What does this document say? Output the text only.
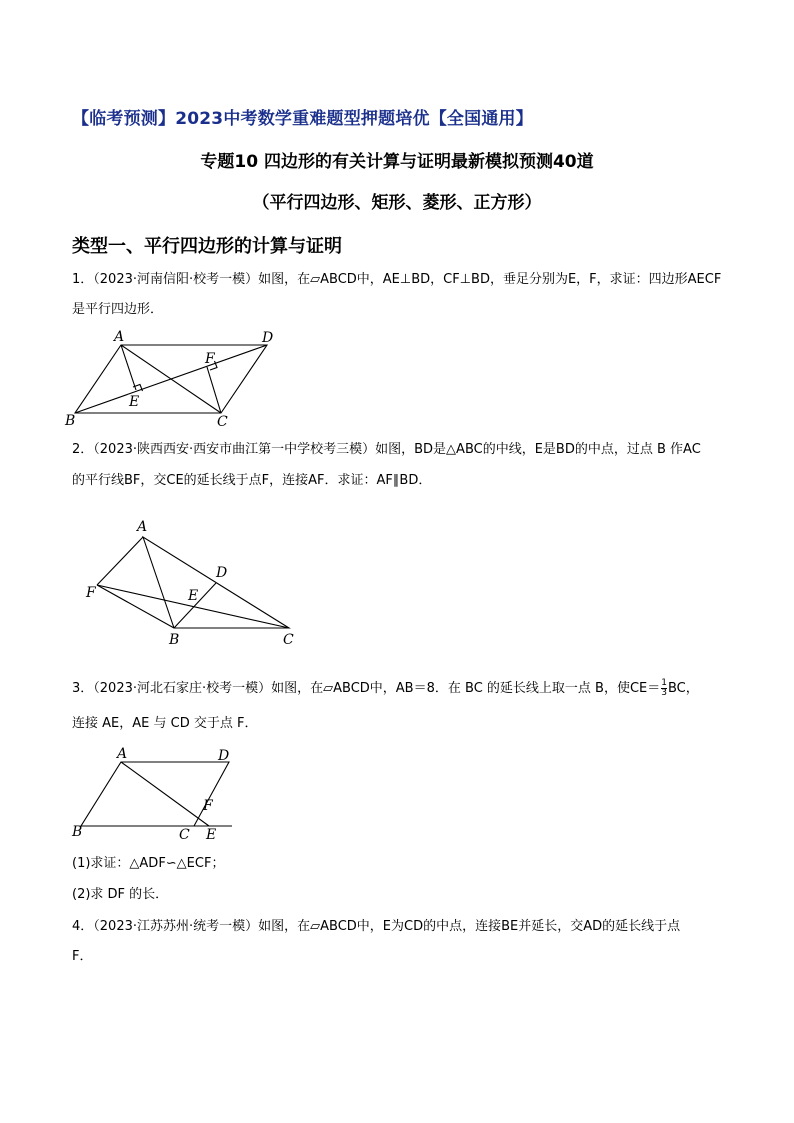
【临考预测】2023中考数学重难题型押题培优【全国通用】
专题10 四边形的有关计算与证明最新模拟预测40道
（平行四边形、矩形、菱形、正方形）
类型一、平行四边形的计算与证明
1．（2023·河南信阳·校考一模）如图，在▱ABCD中，AE⊥BD，CF⊥BD，垂足分别为E，F，求证：四边形AECF
是平行四边形．
A	D
B	C
F
E
2．（2023·陕西西安·西安市曲江第一中学校考三模）如图，BD是△ABC的中线，E是BD的中点，过点 B 作AC
的平行线BF，交CE的延长线于点F，连接AF．求证：AF∥BD．
A
F
D
E
B	C
3．（2023·河北石家庄·校考一模）如图，在▱ABCD中，AB＝8．在 BC 的延长线上取一点 B，使$CE= \frac{1}{3}$ BC，
连接 AE，AE 与 CD 交于点 F．
A	D
F
B	C E
(1)求证：△ADF∽△ECF；
(2)求 DF 的长．
4．（2023·江苏苏州·统考一模）如图，在▱ABCD中，E为CD的中点，连接BE并延长，交AD的延长线于点
F．
